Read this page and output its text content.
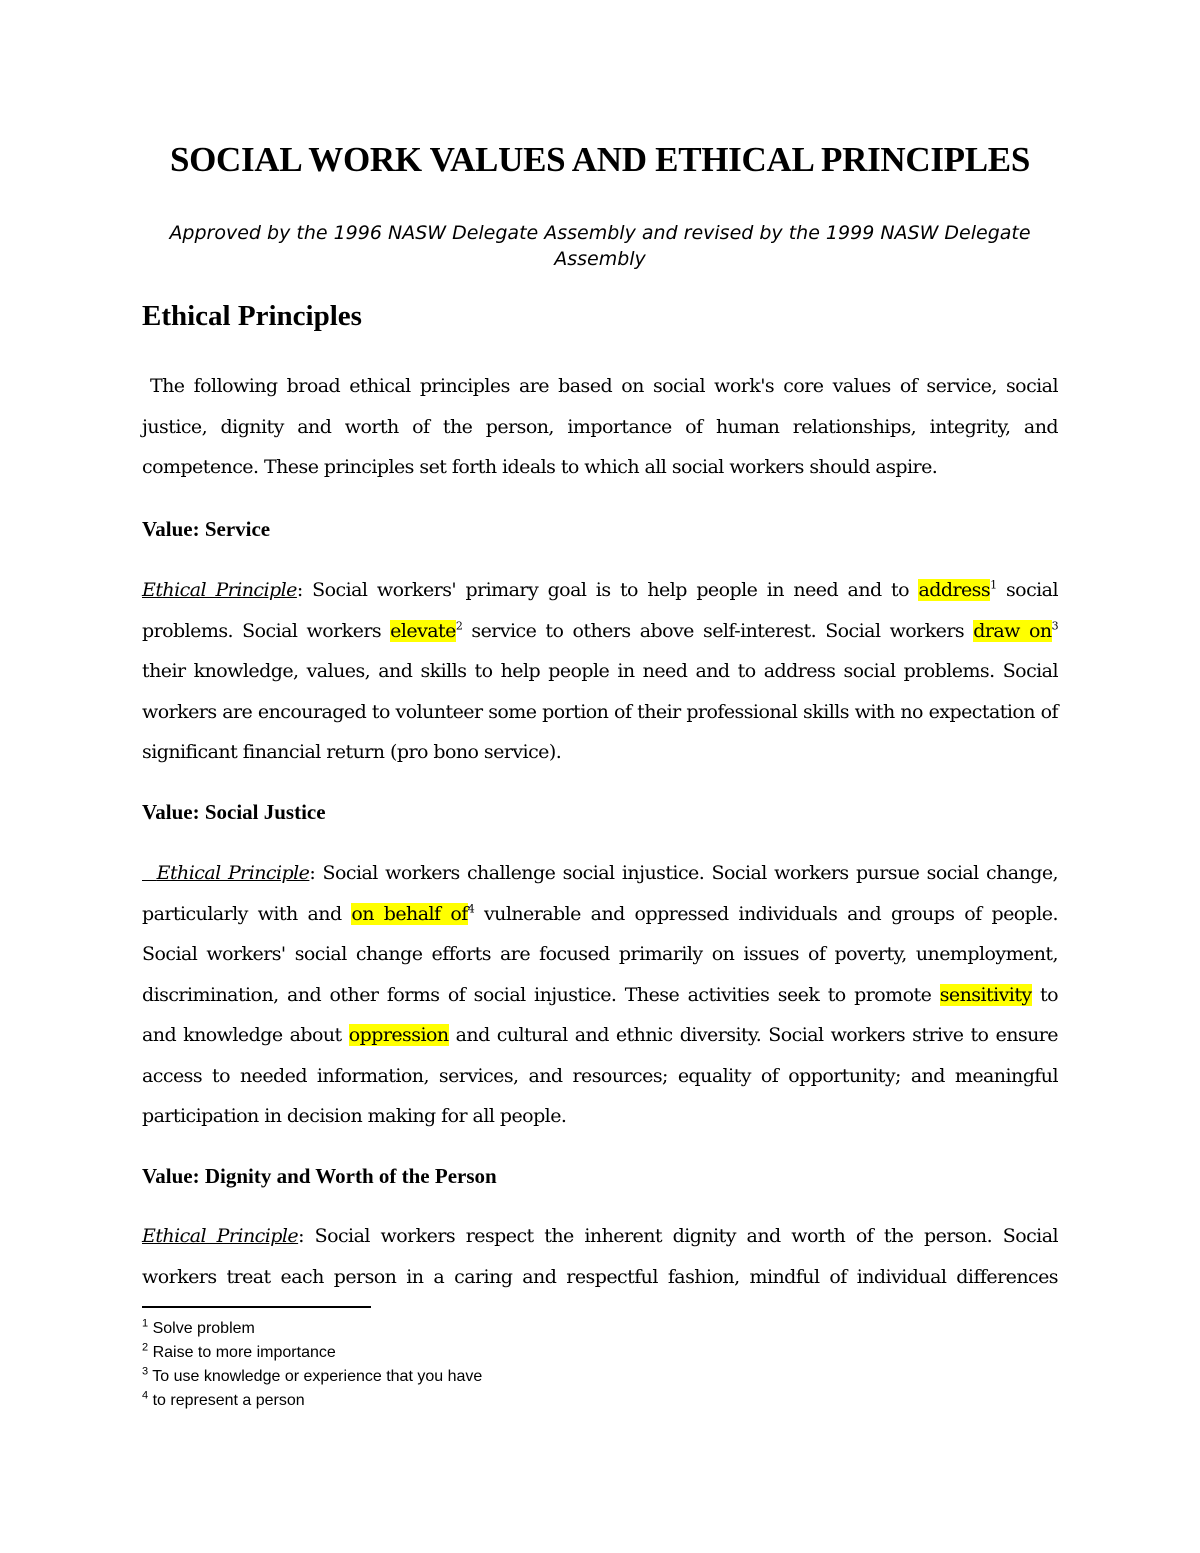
SOCIAL WORK VALUES AND ETHICAL PRINCIPLES
Approved by the 1996 NASW Delegate Assembly and revised by the 1999 NASW Delegate Assembly
Ethical Principles
The following broad ethical principles are based on social work's core values of service, social justice, dignity and worth of the person, importance of human relationships, integrity, and competence. These principles set forth ideals to which all social workers should aspire.
Value: Service
Ethical Principle: Social workers' primary goal is to help people in need and to address$^1$ social problems. Social workers elevate$^2$ service to others above self-interest. Social workers draw $on^3$ their knowledge, values, and skills to help people in need and to address social problems. Social workers are encouraged to volunteer some portion of their professional skills with no expectation of significant financial return (pro bono service).
Value: Social Justice
Ethical Principle: Social workers challenge social injustice. Social workers pursue social change, particularly with and on behalf $of^4$ vulnerable and oppressed individuals and groups of people. Social workers' social change efforts are focused primarily on issues of poverty, unemployment, discrimination, and other forms of social injustice. These activities seek to promote sensitivity to and knowledge about oppression and cultural and ethnic diversity. Social workers strive to ensure access to needed information, services, and resources; equality of opportunity; and meaningful participation in decision making for all people.
Value: Dignity and Worth of the Person
Ethical Principle: Social workers respect the inherent dignity and worth of the person. Social workers treat each person in a caring and respectful fashion, mindful of individual differences
$^1$ Solve problem
$^2$ Raise to more importance
$^3$ To use knowledge or experience that you have
$^4$ to represent a person
